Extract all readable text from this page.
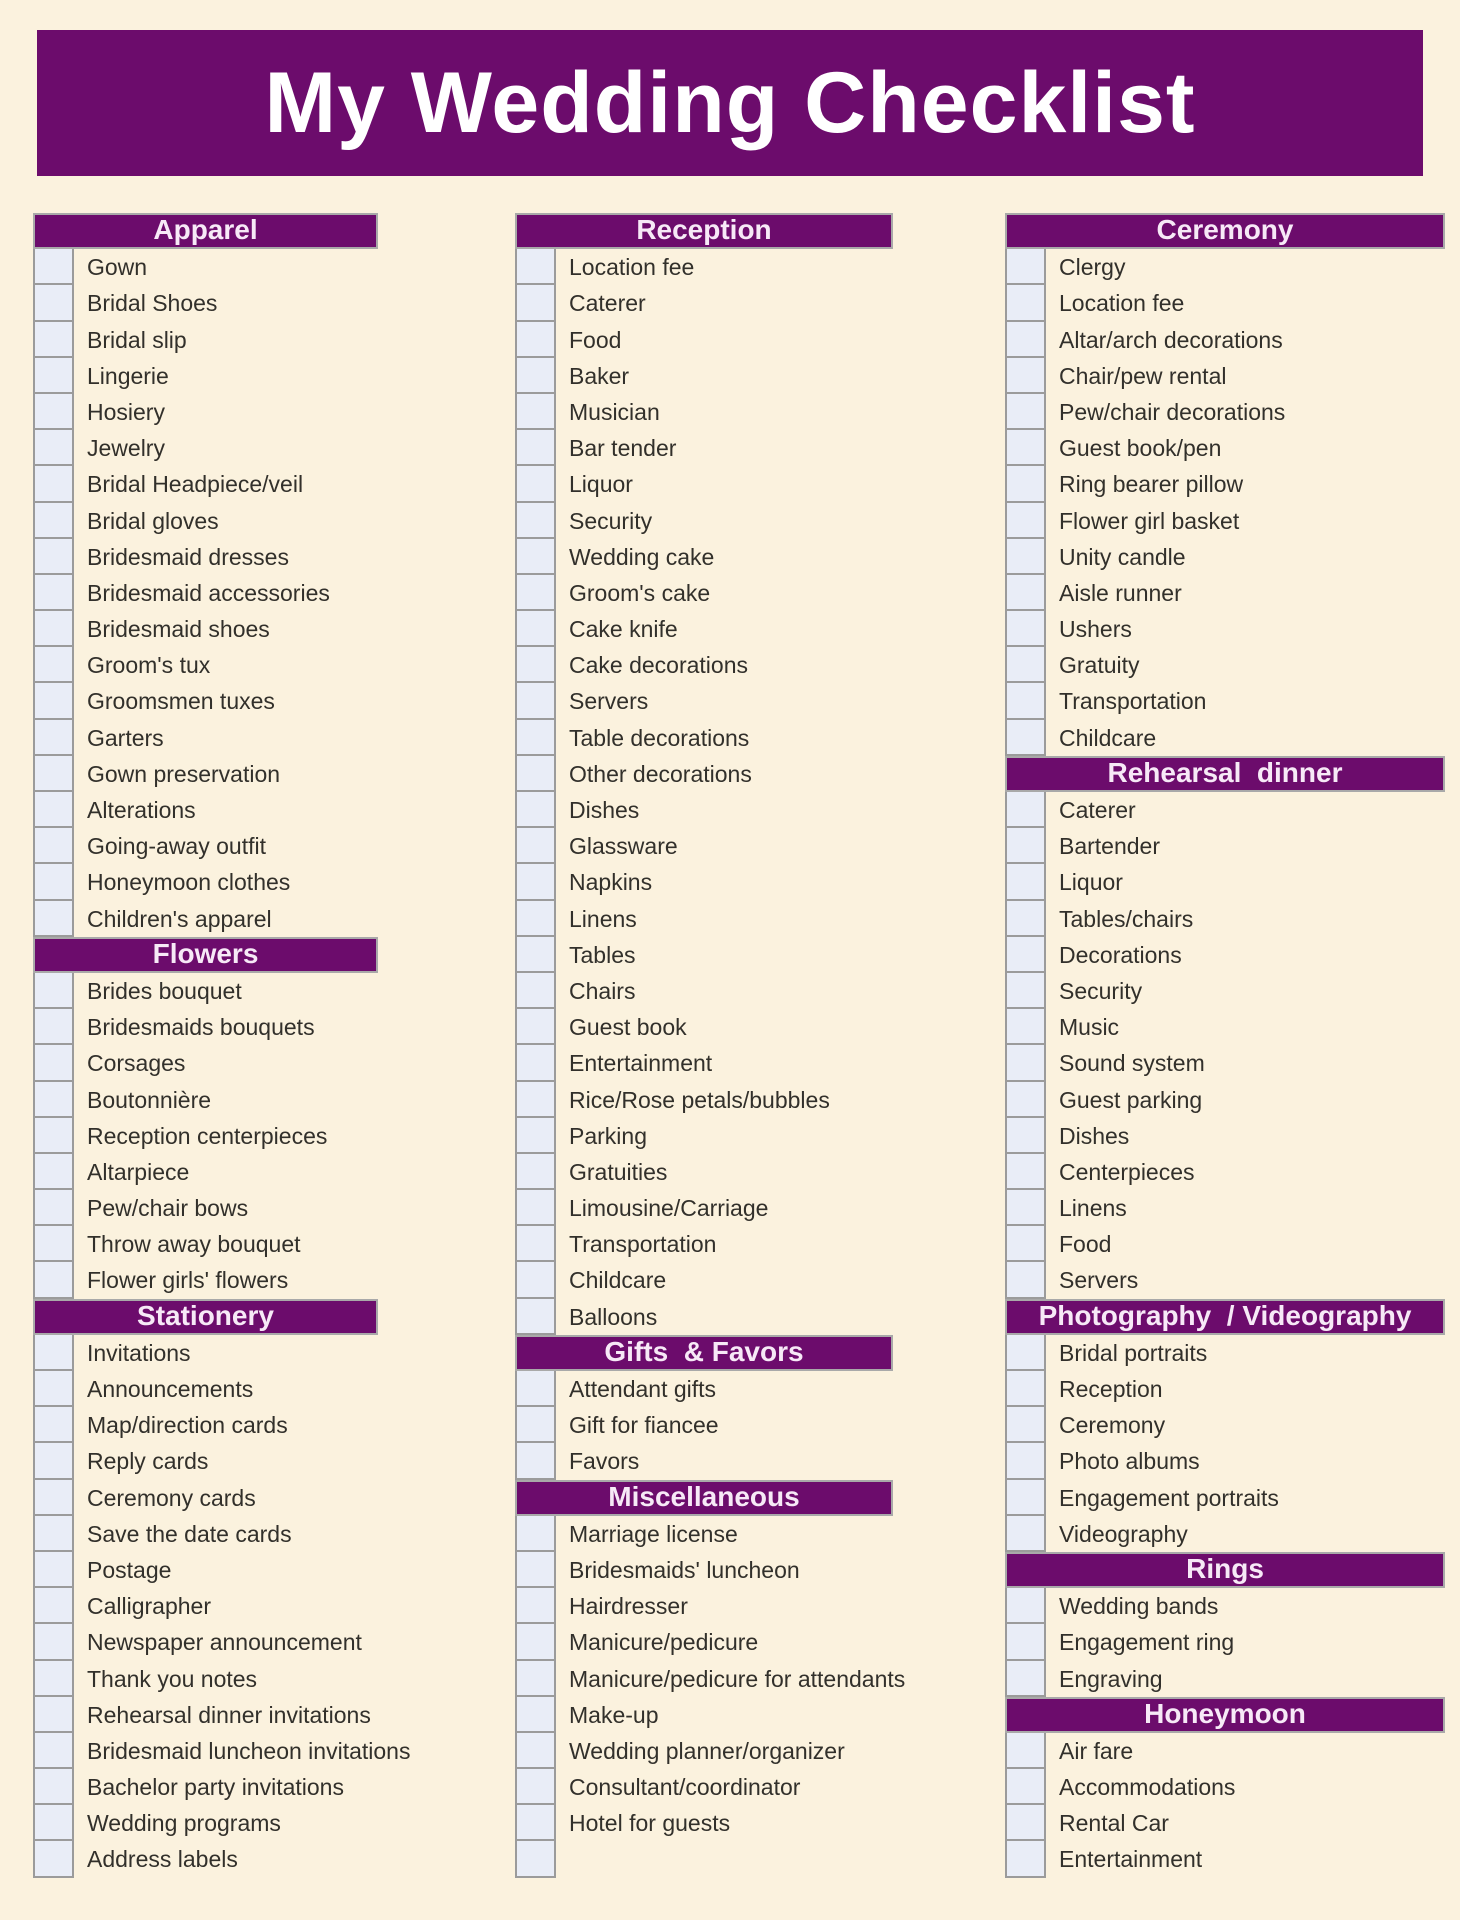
My Wedding Checklist
Apparel
Gown
Bridal Shoes
Bridal slip
Lingerie
Hosiery
Jewelry
Bridal Headpiece/veil
Bridal gloves
Bridesmaid dresses
Bridesmaid accessories
Bridesmaid shoes
Groom's tux
Groomsmen tuxes
Garters
Gown preservation
Alterations
Going-away outfit
Honeymoon clothes
Children's apparel
Flowers
Brides bouquet
Bridesmaids bouquets
Corsages
Boutonnière
Reception centerpieces
Altarpiece
Pew/chair bows
Throw away bouquet
Flower girls' flowers
Stationery
Invitations
Announcements
Map/direction cards
Reply cards
Ceremony cards
Save the date cards
Postage
Calligrapher
Newspaper announcement
Thank you notes
Rehearsal dinner invitations
Bridesmaid luncheon invitations
Bachelor party invitations
Wedding programs
Address labels
Reception
Location fee
Caterer
Food
Baker
Musician
Bar tender
Liquor
Security
Wedding cake
Groom's cake
Cake knife
Cake decorations
Servers
Table decorations
Other decorations
Dishes
Glassware
Napkins
Linens
Tables
Chairs
Guest book
Entertainment
Rice/Rose petals/bubbles
Parking
Gratuities
Limousine/Carriage
Transportation
Childcare
Balloons
Gifts  & Favors
Attendant gifts
Gift for fiancee
Favors
Miscellaneous
Marriage license
Bridesmaids' luncheon
Hairdresser
Manicure/pedicure
Manicure/pedicure for attendants
Make-up
Wedding planner/organizer
Consultant/coordinator
Hotel for guests
Ceremony
Clergy
Location fee
Altar/arch decorations
Chair/pew rental
Pew/chair decorations
Guest book/pen
Ring bearer pillow
Flower girl basket
Unity candle
Aisle runner
Ushers
Gratuity
Transportation
Childcare
Rehearsal  dinner
Caterer
Bartender
Liquor
Tables/chairs
Decorations
Security
Music
Sound system
Guest parking
Dishes
Centerpieces
Linens
Food
Servers
Photography  / Videography
Bridal portraits
Reception
Ceremony
Photo albums
Engagement portraits
Videography
Rings
Wedding bands
Engagement ring
Engraving
Honeymoon
Air fare
Accommodations
Rental Car
Entertainment
